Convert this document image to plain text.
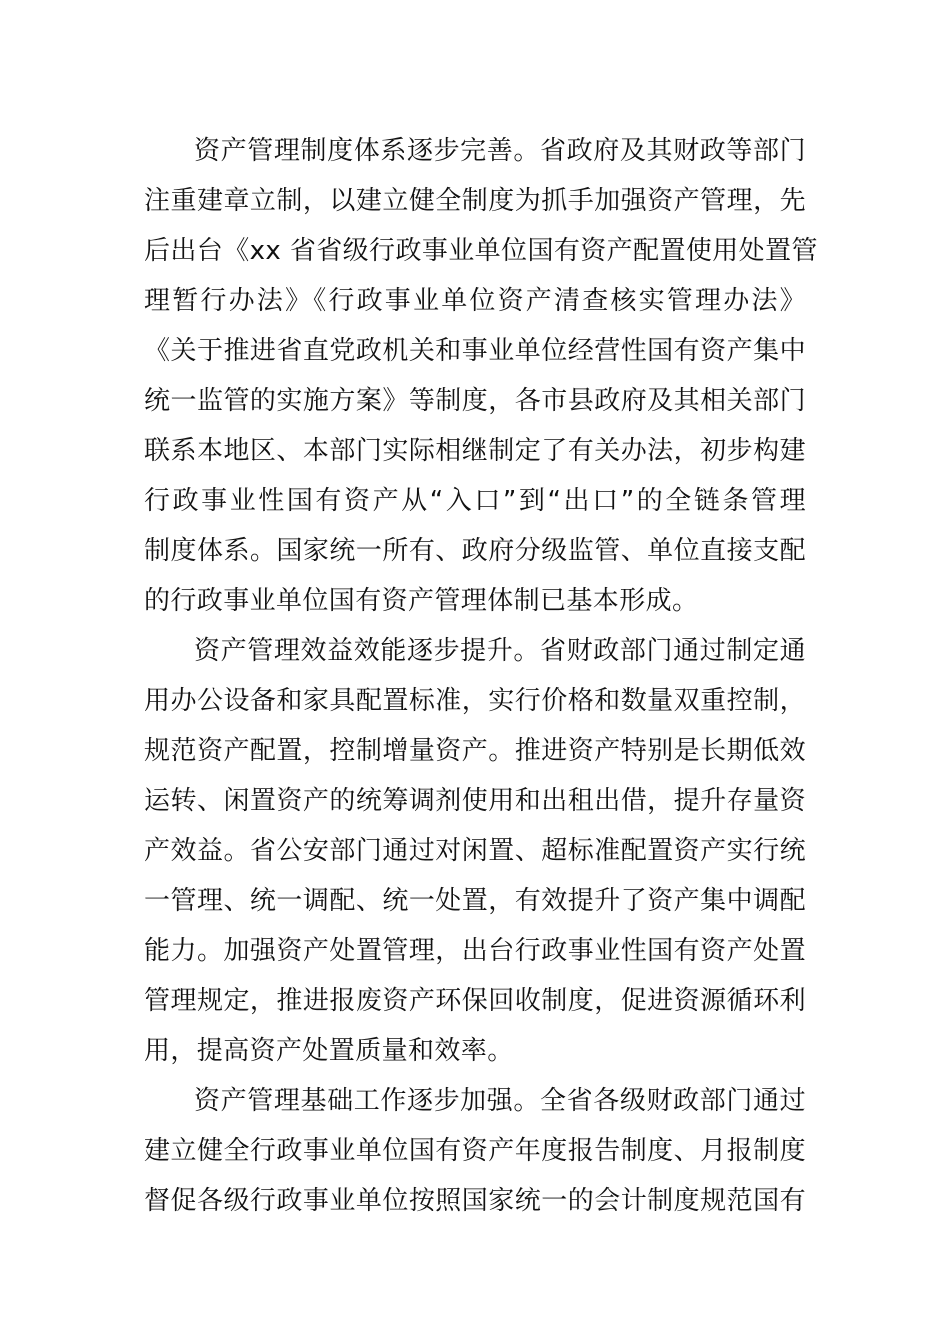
资产管理制度体系逐步完善。省政府及其财政等部门
注重建章立制，以建立健全制度为抓手加强资产管理，先
后出台《xx 省省级行政事业单位国有资产配置使用处置管
理暂行办法》《行政事业单位资产清查核实管理办法》
《关于推进省直党政机关和事业单位经营性国有资产集中
统一监管的实施方案》等制度，各市县政府及其相关部门
联系本地区、本部门实际相继制定了有关办法，初步构建
行政事业性国有资产从“入口”到“出口”的全链条管理
制度体系。国家统一所有、政府分级监管、单位直接支配
的行政事业单位国有资产管理体制已基本形成。
资产管理效益效能逐步提升。省财政部门通过制定通
用办公设备和家具配置标准，实行价格和数量双重控制，
规范资产配置，控制增量资产。推进资产特别是长期低效
运转、闲置资产的统筹调剂使用和出租出借，提升存量资
产效益。省公安部门通过对闲置、超标准配置资产实行统
一管理、统一调配、统一处置，有效提升了资产集中调配
能力。加强资产处置管理，出台行政事业性国有资产处置
管理规定，推进报废资产环保回收制度，促进资源循环利
用，提高资产处置质量和效率。
资产管理基础工作逐步加强。全省各级财政部门通过
建立健全行政事业单位国有资产年度报告制度、月报制度
督促各级行政事业单位按照国家统一的会计制度规范国有
